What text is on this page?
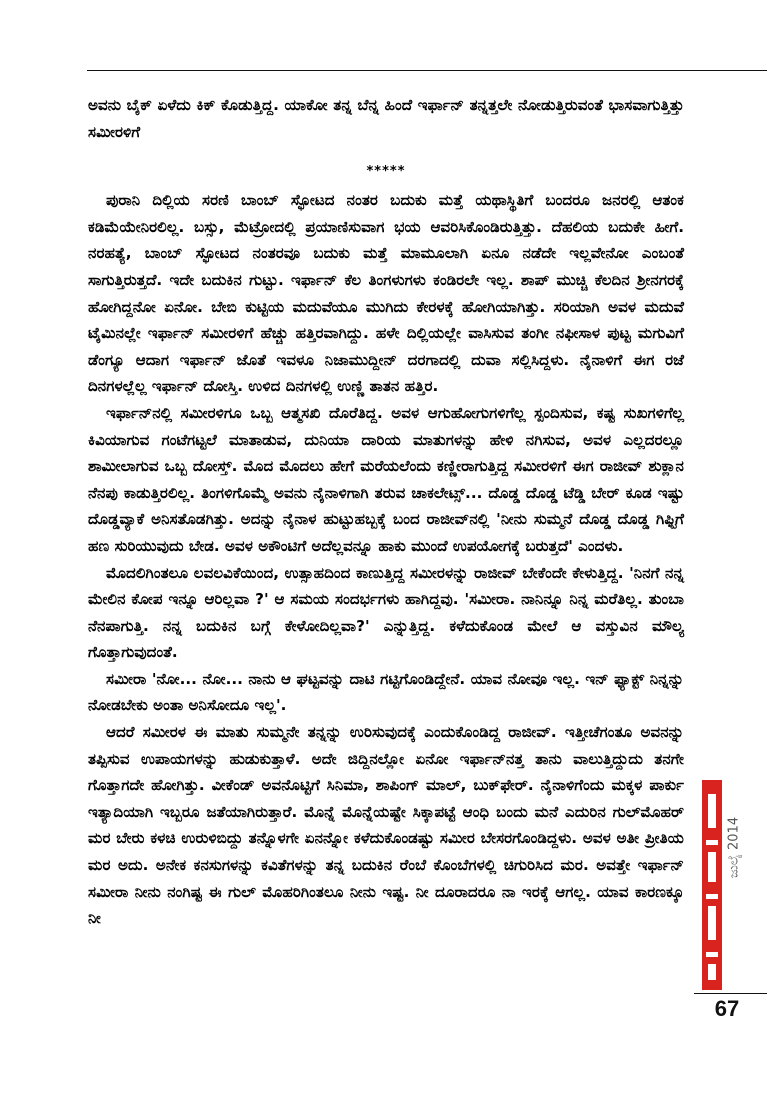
ಅವನು ಬೈಕ್ ಏಳೆದು ಕಿಕ್ ಕೊಡುತ್ತಿದ್ದ. ಯಾಕೋ ತನ್ನ ಬೆನ್ನ ಹಿಂದೆ ಇರ್ಫಾನ್ ತನ್ನತ್ತಲೇ ನೋಡುತ್ತಿರುವಂತೆ ಭಾಸವಾಗುತ್ತಿತ್ತು ಸಮೀರಳಿಗೆ

*****

ಪುರಾನಿ ದಿಲ್ಲಿಯ ಸರಣಿ ಬಾಂಬ್ ಸ್ಫೋಟದ ನಂತರ ಬದುಕು ಮತ್ತೆ ಯಥಾಸ್ಥಿತಿಗೆ ಬಂದರೂ ಜನರಲ್ಲಿ ಆತಂಕ ಕಡಿಮೆಯೇನಿರಲಿಲ್ಲ. ಬಸ್ಸು, ಮೆಟ್ರೋದಲ್ಲಿ ಪ್ರಯಾಣಿಸುವಾಗ ಭಯ ಆವರಿಸಿಕೊಂಡಿರುತ್ತಿತ್ತು. ದೆಹಲಿಯ ಬದುಕೇ ಹೀಗೆ. ನರಹತ್ಯೆ, ಬಾಂಬ್ ಸ್ಫೋಟದ ನಂತರವೂ ಬದುಕು ಮತ್ತೆ ಮಾಮೂಲಾಗಿ ಏನೂ ನಡೆದೇ ಇಲ್ಲವೇನೋ ಎಂಬಂತೆ ಸಾಗುತ್ತಿರುತ್ತದೆ. ಇದೇ ಬದುಕಿನ ಗುಟ್ಟು. ಇರ್ಫಾನ್ ಕೆಲ ತಿಂಗಳುಗಳು ಕಂಡಿರಲೇ ಇಲ್ಲ. ಶಾಪ್ ಮುಚ್ಚಿ ಕೆಲದಿನ ಶ್ರೀನಗರಕ್ಕೆ ಹೋಗಿದ್ದನೋ ಏನೋ. ಬೇಬಿ ಕುಟ್ಟಿಯ ಮದುವೆಯೂ ಮುಗಿದು ಕೇರಳಕ್ಕೆ ಹೋಗಿಯಾಗಿತ್ತು. ಸರಿಯಾಗಿ ಅವಳ ಮದುವೆ ಟೈಮಿನಲ್ಲೇ ಇರ್ಫಾನ್ ಸಮೀರಳಿಗೆ ಹೆಚ್ಚು ಹತ್ತಿರವಾಗಿದ್ದು. ಹಳೇ ದಿಲ್ಲಿಯಲ್ಲೇ ವಾಸಿಸುವ ತಂಗೀ ನಫೀಸಾಳ ಪುಟ್ಟ ಮಗುವಿಗೆ ಡೆಂಗ್ಯೂ ಆದಾಗ ಇರ್ಫಾನ್ ಜೊತೆ ಇವಳೂ ನಿಜಾಮುದ್ದೀನ್ ದರಗಾದಲ್ಲಿ ದುವಾ ಸಲ್ಲಿಸಿದ್ದಳು. ನೈನಾಳಿಗೆ ಈಗ ರಜೆ ದಿನಗಳಲ್ಲೆಲ್ಲ ಇರ್ಫಾನ್ ದೋಸ್ತಿ. ಉಳಿದ ದಿನಗಳಲ್ಲಿ ಉಣ್ಣಿ ತಾತನ ಹತ್ತಿರ.

ಇರ್ಫಾನ್‌ನಲ್ಲಿ ಸಮೀರಳಿಗೂ ಒಬ್ಬ ಆತ್ಮಸಖಿ ದೊರೆತಿದ್ದ. ಅವಳ ಆಗುಹೋಗುಗಳಿಗೆಲ್ಲ ಸ್ಪಂದಿಸುವ, ಕಷ್ಟ ಸುಖಗಳಿಗೆಲ್ಲ ಕಿವಿಯಾಗುವ ಗಂಟೆಗಟ್ಟಲೆ ಮಾತಾಡುವ, ದುನಿಯಾ ದಾರಿಯ ಮಾತುಗಳನ್ನು ಹೇಳಿ ನಗಿಸುವ, ಅವಳ ಎಲ್ಲದರಲ್ಲೂ ಶಾಮೀಲಾಗುವ ಒಬ್ಬ ದೋಸ್ತ್. ಮೊದ ಮೊದಲು ಹೇಗೆ ಮರೆಯಲೆಂದು ಕಣ್ಣೀರಾಗುತ್ತಿದ್ದ ಸಮೀರಳಿಗೆ ಈಗ ರಾಜೀವ್ ಶುಕ್ಲಾನ ನೆನಪು ಕಾಡುತ್ತಿರಲಿಲ್ಲ. ತಿಂಗಳಿಗೊಮ್ಮೆ ಅವನು ನೈನಾಳಿಗಾಗಿ ತರುವ ಚಾಕಲೇಟ್ಸ್... ದೊಡ್ಡ ದೊಡ್ಡ ಟೆಡ್ಡಿ ಬೇರ್ ಕೂಡ ಇಷ್ಟು ದೊಡ್ಡವ್ಯಾಕೆ ಅನಿಸತೊಡಗಿತ್ತು. ಅದನ್ನು ನೈನಾಳ ಹುಟ್ಟುಹಬ್ಬಕ್ಕೆ ಬಂದ ರಾಜೀವ್‌ನಲ್ಲಿ 'ನೀನು ಸುಮ್ಮನೆ ದೊಡ್ಡ ದೊಡ್ಡ ಗಿಫ್ಟಿಗೆ ಹಣ ಸುರಿಯುವುದು ಬೇಡ. ಅವಳ ಅಕೌಂಟಿಗೆ ಅದೆಲ್ಲವನ್ನೂ ಹಾಕು ಮುಂದೆ ಉಪಯೋಗಕ್ಕೆ ಬರುತ್ತದೆ' ಎಂದಳು.

ಮೊದಲಿಗಿಂತಲೂ ಲವಲವಿಕೆಯಿಂದ, ಉತ್ಸಾಹದಿಂದ ಕಾಣುತ್ತಿದ್ದ ಸಮೀರಳನ್ನು ರಾಜೀವ್ ಬೇಕೆಂದೇ ಕೇಳುತ್ತಿದ್ದ. 'ನಿನಗೆ ನನ್ನ ಮೇಲಿನ ಕೋಪ ಇನ್ನೂ ಆರಿಲ್ಲವಾ ?' ಆ ಸಮಯ ಸಂದರ್ಭಗಳು ಹಾಗಿದ್ದವು. 'ಸಮೀರಾ. ನಾನಿನ್ನೂ ನಿನ್ನ ಮರೆತಿಲ್ಲ. ತುಂಬಾ ನೆನಪಾಗುತ್ತಿ. ನನ್ನ ಬದುಕಿನ ಬಗ್ಗೆ ಕೇಳೋದಿಲ್ಲವಾ?' ಎನ್ನುತ್ತಿದ್ದ. ಕಳೆದುಕೊಂಡ ಮೇಲೆ ಆ ವಸ್ತುವಿನ ಮೌಲ್ಯ ಗೊತ್ತಾಗುವುದಂತೆ.

ಸಮೀರಾ 'ನೋ... ನೋ... ನಾನು ಆ ಘಟ್ಟವನ್ನು ದಾಟಿ ಗಟ್ಟಿಗೊಂಡಿದ್ದೇನೆ. ಯಾವ ನೋವೂ ಇಲ್ಲ. ಇನ್ ಫ್ಯಾಕ್ಟ್ ನಿನ್ನನ್ನು ನೋಡಬೇಕು ಅಂತಾ ಅನಿಸೋದೂ ಇಲ್ಲ'.

ಆದರೆ ಸಮೀರಳ ಈ ಮಾತು ಸುಮ್ಮನೇ ತನ್ನನ್ನು ಉರಿಸುವುದಕ್ಕೆ ಎಂದುಕೊಂಡಿದ್ದ ರಾಜೀವ್. ಇತ್ತೀಚೆಗಂತೂ ಅವನನ್ನು ತಪ್ಪಿಸುವ ಉಪಾಯಗಳನ್ನು ಹುಡುಕುತ್ತಾಳೆ. ಅದೇ ಜಿದ್ದಿನಲ್ಲೋ ಏನೋ ಇರ್ಫಾನ್‌ನತ್ತ ತಾನು ವಾಲುತ್ತಿದ್ದುದು ತನಗೇ ಗೊತ್ತಾಗದೇ ಹೋಗಿತ್ತು. ವೀಕೆಂಡ್ ಅವನೊಟ್ಟಿಗೆ ಸಿನಿಮಾ, ಶಾಪಿಂಗ್ ಮಾಲ್, ಬುಕ್‌ಫೇರ್. ನೈನಾಳಿಗೆಂದು ಮಕ್ಕಳ ಪಾರ್ಕು ಇತ್ಯಾದಿಯಾಗಿ ಇಬ್ಬರೂ ಜತೆಯಾಗಿರುತ್ತಾರೆ. ಮೊನ್ನೆ ಮೊನ್ನೆಯಷ್ಟೇ ಸಿಕ್ಕಾಪಟ್ಟೆ ಆಂಧಿ ಬಂದು ಮನೆ ಎದುರಿನ ಗುಲ್‌ಮೊಹರ್ ಮರ ಬೇರು ಕಳಚಿ ಉರುಳಿಬಿದ್ದು ತನ್ನೊಳಗೇ ಏನನ್ನೋ ಕಳೆದುಕೊಂಡಷ್ಟು ಸಮೀರ ಬೇಸರಗೊಂಡಿದ್ದಳು. ಅವಳ ಅತೀ ಪ್ರೀತಿಯ ಮರ ಅದು. ಅನೇಕ ಕನಸುಗಳನ್ನು ಕವಿತೆಗಳನ್ನು ತನ್ನ ಬದುಕಿನ ರೆಂಬೆ ಕೊಂಬೆಗಳಲ್ಲಿ ಚಿಗುರಿಸಿದ ಮರ. ಅವತ್ತೇ ಇರ್ಫಾನ್ ಸಮೀರಾ ನೀನು ನಂಗಿಷ್ಟ ಈ ಗುಲ್ ಮೊಹರಿಗಿಂತಲೂ ನೀನು ಇಷ್ಟ. ನೀ ದೂರಾದರೂ ನಾ ಇರಕ್ಕೆ ಆಗಲ್ಲ. ಯಾವ ಕಾರಣಕ್ಕೂ ನೀ

ಜುಲೈ 2014
67
